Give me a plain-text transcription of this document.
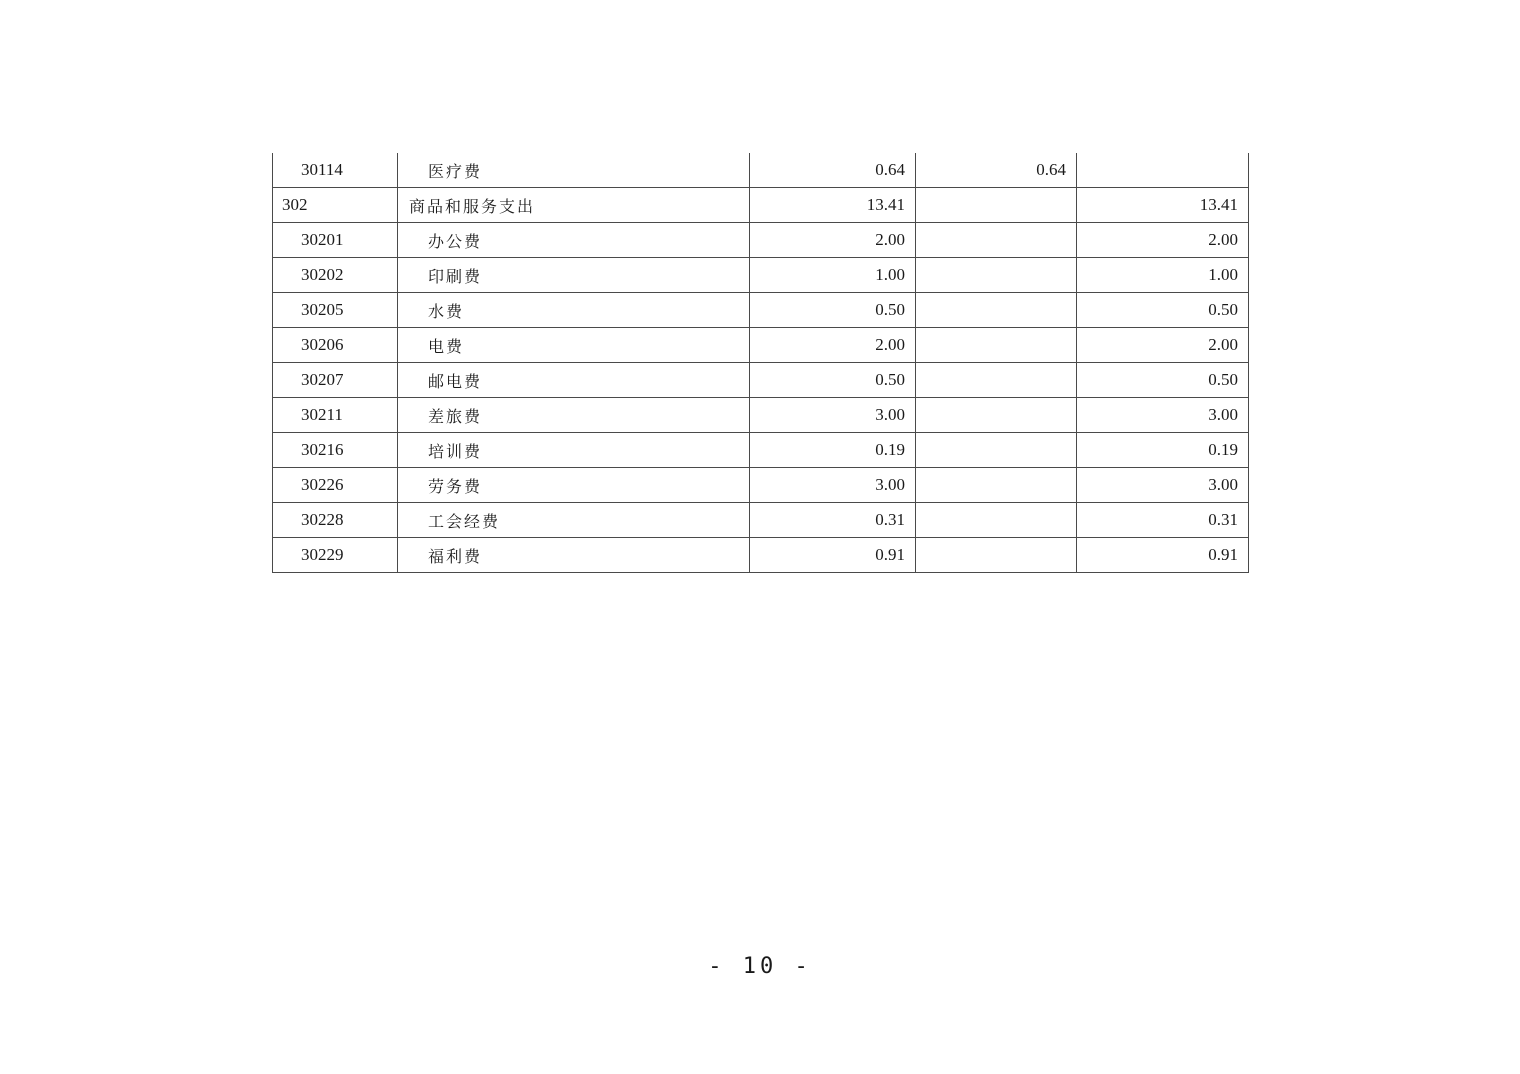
30114	医疗费	0.64	0.64	
302	商品和服务支出	13.41		13.41
30201	办公费	2.00		2.00
30202	印刷费	1.00		1.00
30205	水费	0.50		0.50
30206	电费	2.00		2.00
30207	邮电费	0.50		0.50
30211	差旅费	3.00		3.00
30216	培训费	0.19		0.19
30226	劳务费	3.00		3.00
30228	工会经费	0.31		0.31
30229	福利费	0.91		0.91
- 10 -
